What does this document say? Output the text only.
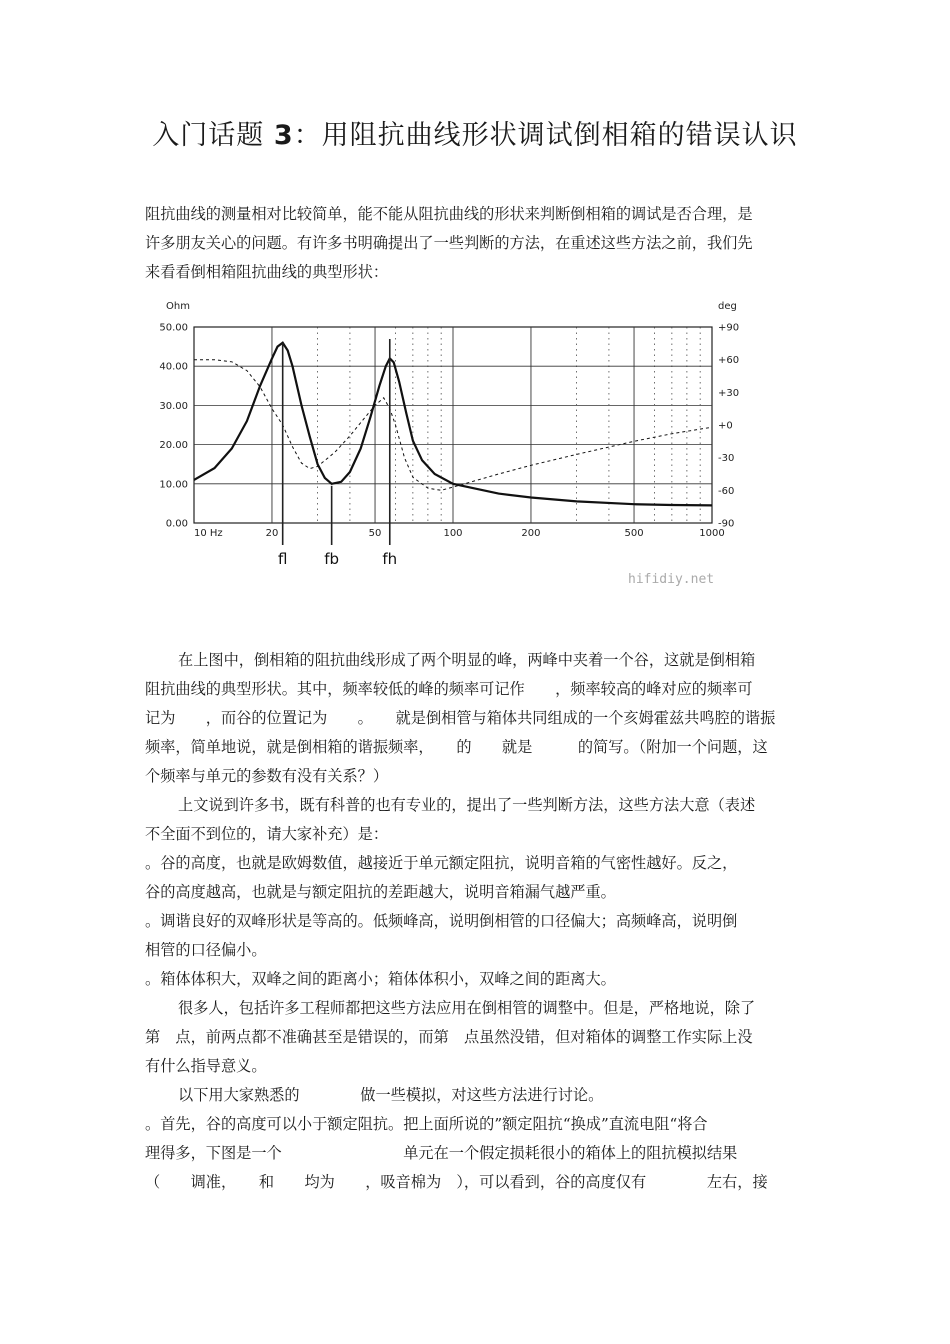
入门话题 3：用阻抗曲线形状调试倒相箱的错误认识
阻抗曲线的测量相对比较简单，能不能从阻抗曲线的形状来判断倒相箱的调试是否合理，是
许多朋友关心的问题。有许多书明确提出了一些判断的方法，在重述这些方法之前，我们先
来看看倒相箱阻抗曲线的典型形状：
50.00
40.00
30.00
20.00
10.00
0.00
+90
+60
+30
+0
-30
-60
-90
10 Hz	20	50	100	200	500	1000
fl fb	fh
Ohm	deg
hifidiy.net
在上图中，倒相箱的阻抗曲线形成了两个明显的峰，两峰中夹着一个谷，这就是倒相箱
阻抗曲线的典型形状。其中，频率较低的峰的频率可记作　　，频率较高的峰对应的频率可
记为　　，而谷的位置记为　　。　　就是倒相管与箱体共同组成的一个亥姆霍兹共鸣腔的谐振
频率，简单地说，就是倒相箱的谐振频率，　　的　　就是　　　的简写。（附加一个问题，这
个频率与单元的参数有没有关系？）
上文说到许多书，既有科普的也有专业的，提出了一些判断方法，这些方法大意（表述
不全面不到位的，请大家补充）是：
。谷的高度，也就是欧姆数值，越接近于单元额定阻抗，说明音箱的气密性越好。反之，
谷的高度越高，也就是与额定阻抗的差距越大，说明音箱漏气越严重。
。调谐良好的双峰形状是等高的。低频峰高，说明倒相管的口径偏大；高频峰高，说明倒
相管的口径偏小。
。箱体体积大，双峰之间的距离小；箱体体积小，双峰之间的距离大。
很多人，包括许多工程师都把这些方法应用在倒相管的调整中。但是，严格地说，除了
第　点，前两点都不准确甚至是错误的，而第　点虽然没错，但对箱体的调整工作实际上没
有什么指导意义。
以下用大家熟悉的　　　　做一些模拟，对这些方法进行讨论。
。首先，谷的高度可以小于额定阻抗。把上面所说的”额定阻抗“换成”直流电阻“将合
理得多，下图是一个　　　　　　　　单元在一个假定损耗很小的箱体上的阻抗模拟结果
（　　调准，　　和　　均为　　，吸音棉为　），可以看到，谷的高度仅有　　　　左右，接
